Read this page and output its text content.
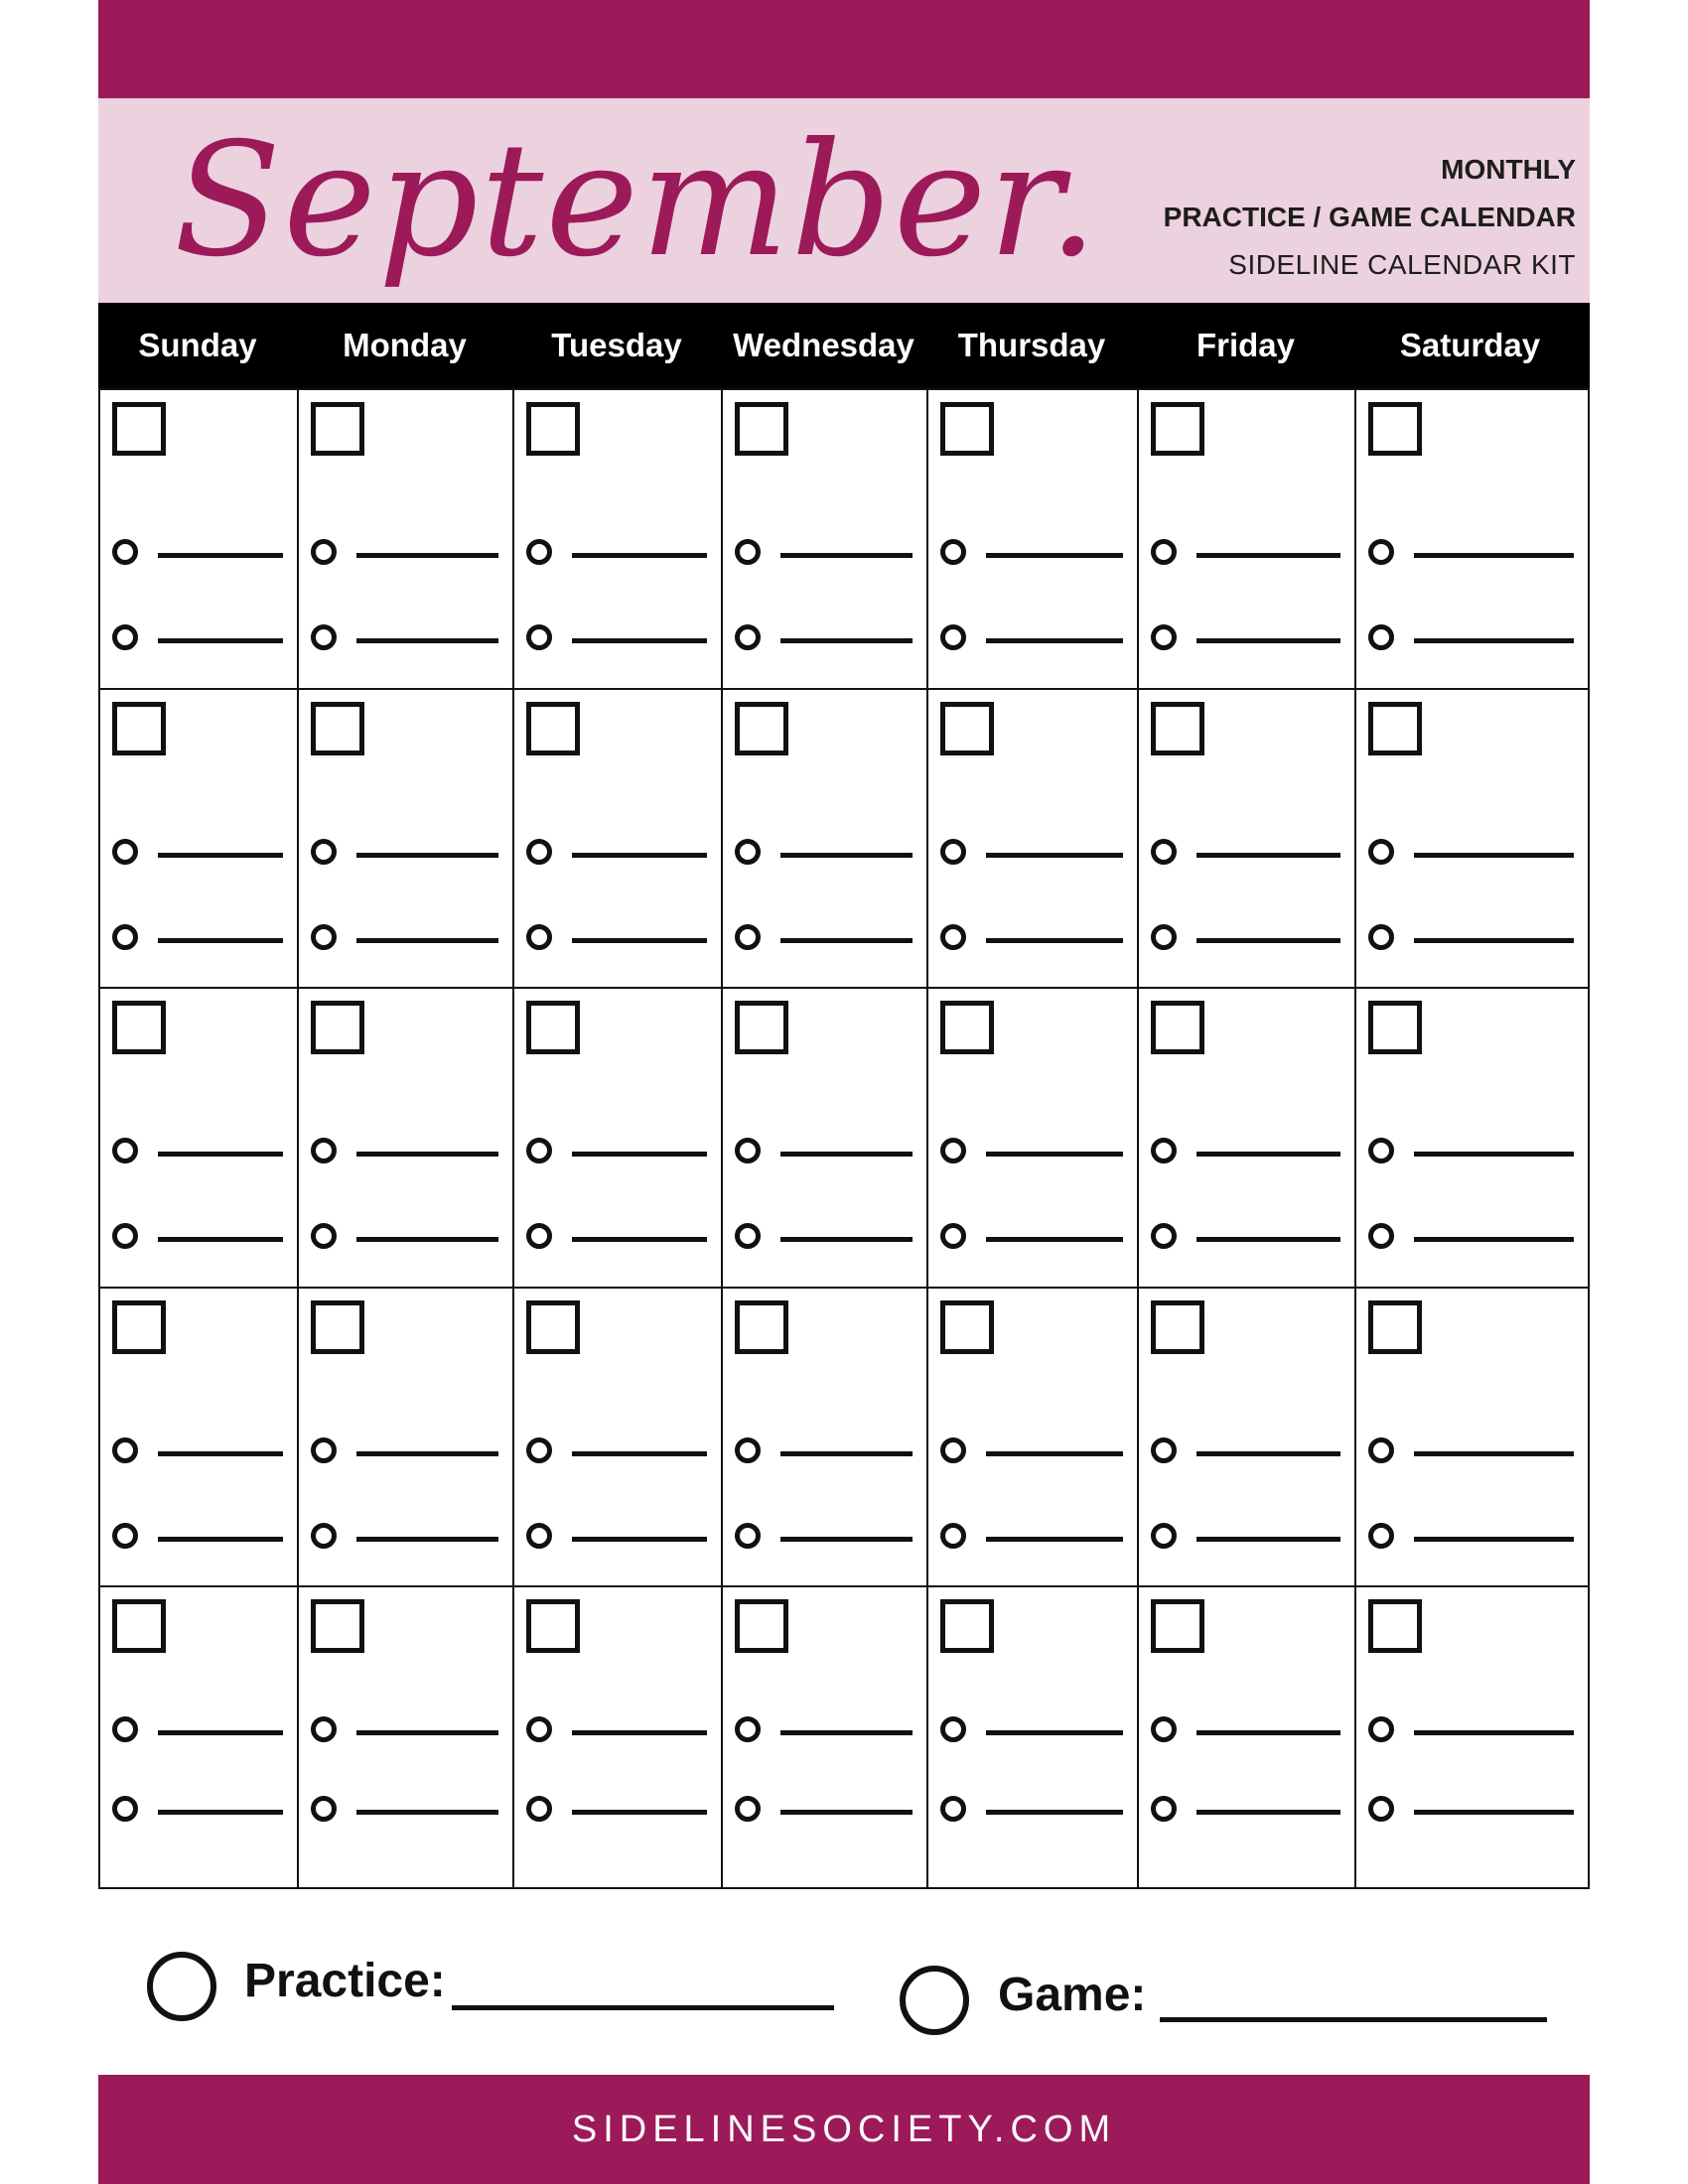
September.	MONTHLY
PRACTICE / GAME CALENDAR
SIDELINE CALENDAR KIT
Sunday	Monday	Tuesday	Wednesday	Thursday	Friday	Saturday
Practice:	Game:
SIDELINESOCIETY.COM
